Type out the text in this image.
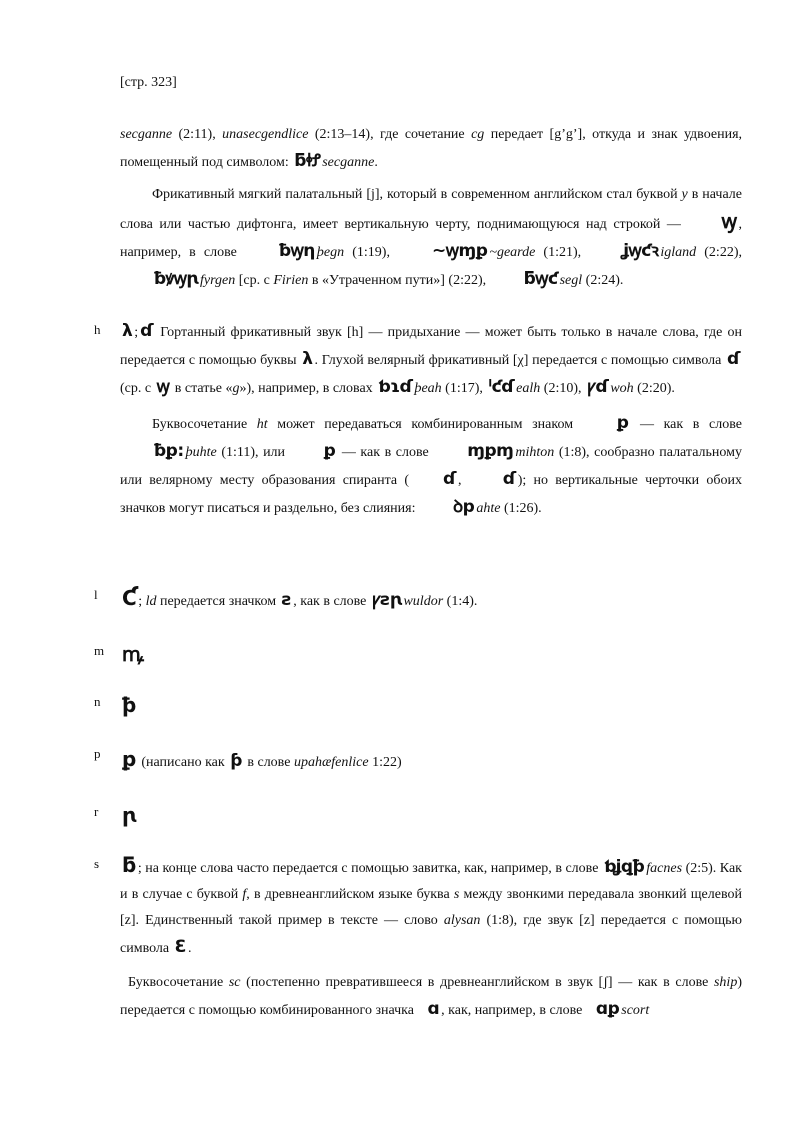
[стр. 323]

secganne (2:11), unasecgendlice (2:13–14), где сочетание cg передает [g’g’], откуда и знак удвоения, помещенный под символом: ƃꬹꝬ secganne.

Фрикативный мягкий палатальный [j], который в современном английском стал буквой y в начале слова или частью дифтонга, имеет вертикальную черту, поднимающуюся над строкой — ꝡ , например, в слове ƀꝡƞ þegn (1:19), ~ꝡɱꝑ ~gearde (1:21), ʝꝡƈꝛ igland (2:22), ƀꝟꝡꞃ fyrgen [ср. с Firien в «Утраченном пути»] (2:22), ƃꝡƈ segl (2:24).

h λ ; ɗ Гортанный фрикативный звук [h] — придыхание — может быть только в начале слова, где он передается с помощью буквы λ . Глухой велярный фрикативный [χ] передается с помощью символа ɗ (ср. с ꝡ в статье «g»), например, в словах ƅɿɗ þeah (1:17), ˡƈɗ ealh (2:10), ꝩɗ woh (2:20).

Буквосочетание ht может передаваться комбинированным знаком ꝑ — как в слове ƀꝑ: þuhte (1:11), или ꝑ — как в слове ɱꝑɱ mihton (1:8), сообразно палатальному или велярному месту образования спиранта ( ɗ , ɗ ); но вертикальные черточки обоих значков могут писаться и раздельно, без слияния: ꝺp ahte (1:26).

l Ƈ ; ld передается значком ƨ , как в слове ꝩƨꞃ wuldor (1:4).
m ꝳ
n ꝥ
p ꝑ (написано как ƥ в слове upahæfenlice 1:22)
r ꞃ
s ƃ ; на конце слова часто передается с помощью завитка, как, например, в слове ƅʝꝗꝥ facnes (2:5). Как и в случае с буквой f, в древнеанглийском языке буква s между звонкими передавала звонкий щелевой [z]. Единственный такой пример в тексте — слово alysan (1:8), где звук [z] передается с помощью символа Ɛ .

Буквосочетание sc (постепенно превратившееся в древнеанглийском в звук [ʃ] — как в слове ship) передается с помощью комбинированного значка ɑ , как, например, в слове ɑꝑ scort
